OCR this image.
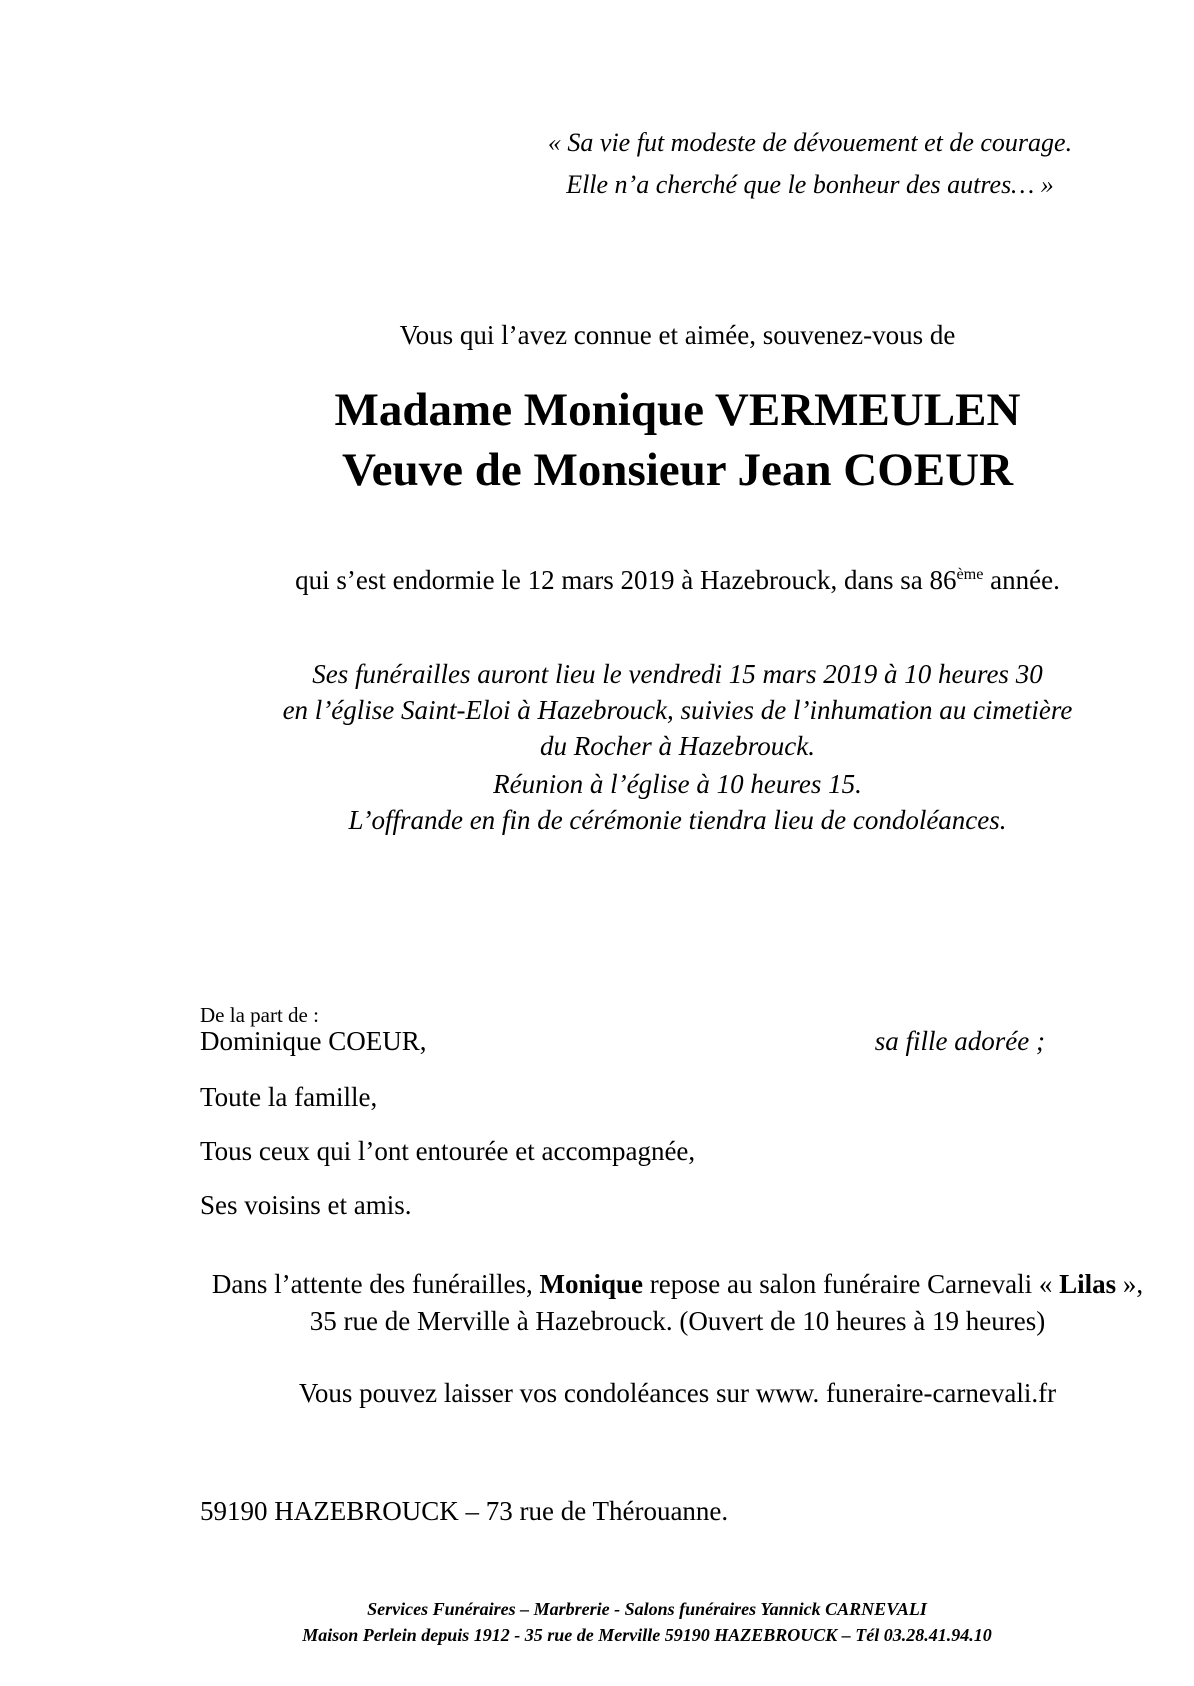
« Sa vie fut modeste de dévouement et de courage.
Elle n’a cherché que le bonheur des autres… »
Vous qui l’avez connue et aimée, souvenez-vous de
Madame Monique VERMEULEN
Veuve de Monsieur Jean COEUR
qui s’est endormie le 12 mars 2019 à Hazebrouck, dans sa 86ème année.
Ses funérailles auront lieu le vendredi 15 mars 2019 à 10 heures 30
en l’église Saint-Eloi à Hazebrouck, suivies de l’inhumation au cimetière
du Rocher à Hazebrouck.
Réunion à l’église à 10 heures 15.
L’offrande en fin de cérémonie tiendra lieu de condoléances.
De la part de :
Dominique COEUR,	sa fille adorée ;
Toute la famille,
Tous ceux qui l’ont entourée et accompagnée,
Ses voisins et amis.
Dans l’attente des funérailles, Monique repose au salon funéraire Carnevali « Lilas »,
35 rue de Merville à Hazebrouck. (Ouvert de 10 heures à 19 heures)
Vous pouvez laisser vos condoléances sur www. funeraire-carnevali.fr
59190 HAZEBROUCK – 73 rue de Thérouanne.
Services Funéraires – Marbrerie - Salons funéraires Yannick CARNEVALI
Maison Perlein depuis 1912 - 35 rue de Merville 59190 HAZEBROUCK – Tél 03.28.41.94.10
